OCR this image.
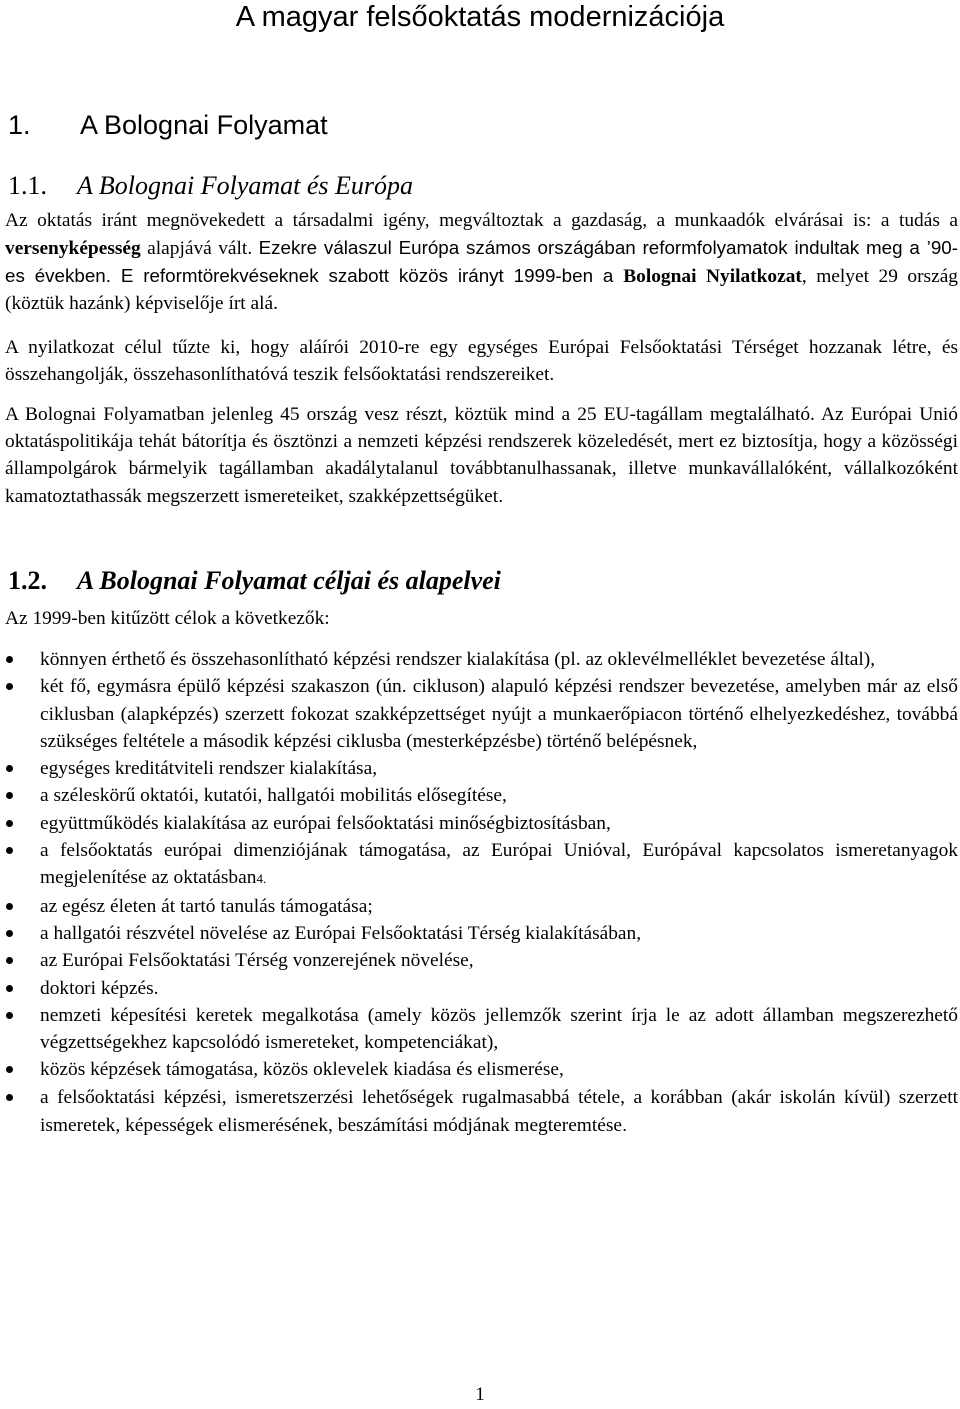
A magyar felsőoktatás modernizációja
1. A Bolognai Folyamat
1.1. A Bolognai Folyamat és Európa

Az oktatás iránt megnövekedett a társadalmi igény, megváltoztak a gazdaság, a munkaadók elvárásai is: a tudás a versenyképesség alapjává vált. Ezekre válaszul Európa számos országában reformfolyamatok indultak meg a ’90-es években. E reformtörekvéseknek szabott közös irányt 1999-ben a Bolognai Nyilatkozat, melyet 29 ország (köztük hazánk) képviselője írt alá.

A nyilatkozat célul tűzte ki, hogy aláírói 2010-re egy egységes Európai Felsőoktatási Térséget hozzanak létre, és összehangolják, összehasonlíthatóvá teszik felsőoktatási rendszereiket.

A Bolognai Folyamatban jelenleg 45 ország vesz részt, köztük mind a 25 EU-tagállam megtalálható. Az Európai Unió oktatáspolitikája tehát bátorítja és ösztönzi a nemzeti képzési rendszerek közeledését, mert ez biztosítja, hogy a közösségi állampolgárok bármelyik tagállamban akadálytalanul továbbtanulhassanak, illetve munkavállalóként, vállalkozóként kamatoztathassák megszerzett ismereteiket, szakképzettségüket.

1.2. A Bolognai Folyamat céljai és alapelvei

Az 1999-ben kitűzött célok a következők:

könnyen érthető és összehasonlítható képzési rendszer kialakítása (pl. az oklevélmelléklet bevezetése által),
két fő, egymásra épülő képzési szakaszon (ún. cikluson) alapuló képzési rendszer bevezetése, amelyben már az első ciklusban (alapképzés) szerzett fokozat szakképzettséget nyújt a munkaerőpiacon történő elhelyezkedéshez, továbbá szükséges feltétele a második képzési ciklusba (mesterképzésbe) történő belépésnek,
egységes kreditátviteli rendszer kialakítása,
a széleskörű oktatói, kutatói, hallgatói mobilitás elősegítése,
együttműködés kialakítása az európai felsőoktatási minőségbiztosításban,
a felsőoktatás európai dimenziójának támogatása, az Európai Unióval, Európával kapcsolatos ismeretanyagok megjelenítése az oktatásban4.
az egész életen át tartó tanulás támogatása;
a hallgatói részvétel növelése az Európai Felsőoktatási Térség kialakításában,
az Európai Felsőoktatási Térség vonzerejének növelése,
doktori képzés.
nemzeti képesítési keretek megalkotása (amely közös jellemzők szerint írja le az adott államban megszerezhető végzettségekhez kapcsolódó ismereteket, kompetenciákat),
közös képzések támogatása, közös oklevelek kiadása és elismerése,
a felsőoktatási képzési, ismeretszerzési lehetőségek rugalmasabbá tétele, a korábban (akár iskolán kívül) szerzett ismeretek, képességek elismerésének, beszámítási módjának megteremtése.
1
